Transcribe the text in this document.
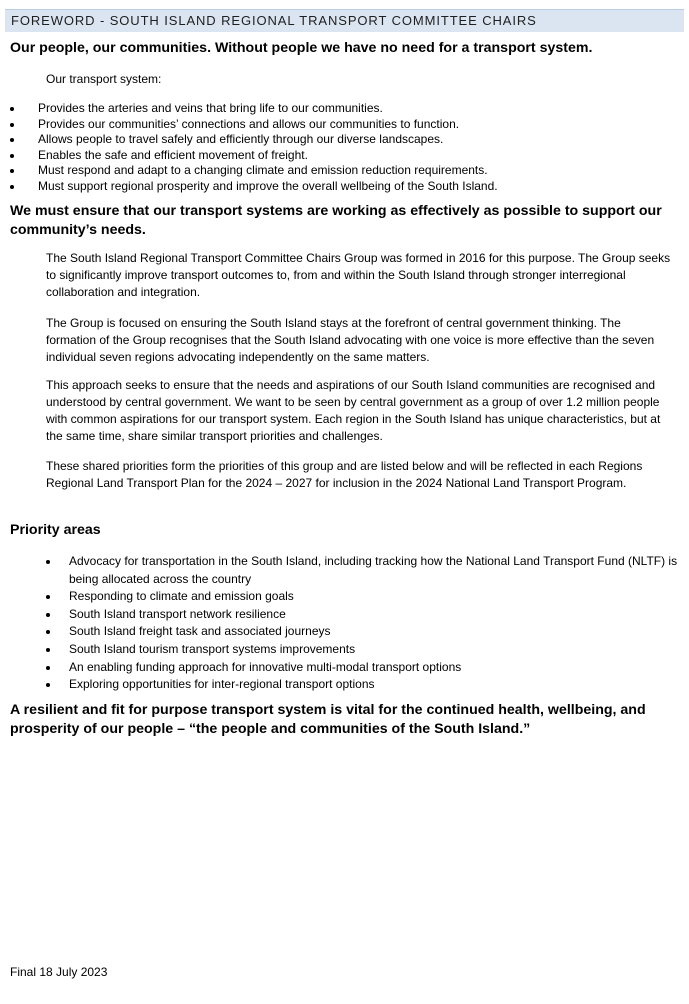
FOREWORD - SOUTH ISLAND REGIONAL TRANSPORT COMMITTEE CHAIRS
Our people, our communities. Without people we have no need for a transport system.
Our transport system:
Provides the arteries and veins that bring life to our communities.
Provides our communities’ connections and allows our communities to function.
Allows people to travel safely and efficiently through our diverse landscapes.
Enables the safe and efficient movement of freight.
Must respond and adapt to a changing climate and emission reduction requirements.
Must support regional prosperity and improve the overall wellbeing of the South Island.
We must ensure that our transport systems are working as effectively as possible to support our community’s needs.

The South Island Regional Transport Committee Chairs Group was formed in 2016 for this purpose. The Group seeks to significantly improve transport outcomes to, from and within the South Island through stronger interregional collaboration and integration.

The Group is focused on ensuring the South Island stays at the forefront of central government thinking. The formation of the Group recognises that the South Island advocating with one voice is more effective than the seven individual seven regions advocating independently on the same matters.

This approach seeks to ensure that the needs and aspirations of our South Island communities are recognised and understood by central government. We want to be seen by central government as a group of over 1.2 million people with common aspirations for our transport system. Each region in the South Island has unique characteristics, but at the same time, share similar transport priorities and challenges.

These shared priorities form the priorities of this group and are listed below and will be reflected in each Regions Regional Land Transport Plan for the 2024 – 2027 for inclusion in the 2024 National Land Transport Program.

Priority areas
Advocacy for transportation in the South Island, including tracking how the National Land Transport Fund (NLTF) is being allocated across the country
Responding to climate and emission goals
South Island transport network resilience
South Island freight task and associated journeys
South Island tourism transport systems improvements
An enabling funding approach for innovative multi-modal transport options
Exploring opportunities for inter-regional transport options
A resilient and fit for purpose transport system is vital for the continued health, wellbeing, and prosperity of our people – “the people and communities of the South Island.”
Final 18 July 2023
